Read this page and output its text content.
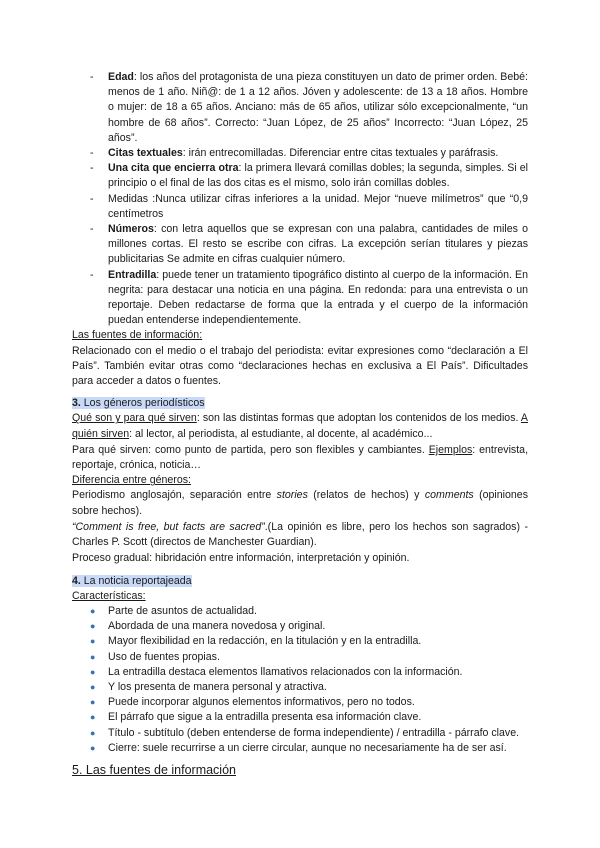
- Edad: los años del protagonista de una pieza constituyen un dato de primer orden. Bebé: menos de 1 año. Niñ@: de 1 a 12 años. Jóven y adolescente: de 13 a 18 años. Hombre o mujer: de 18 a 65 años. Anciano: más de 65 años, utilizar sólo excepcionalmente, “un hombre de 68 años”. Correcto: “Juan López, de 25 años” Incorrecto: “Juan López, 25 años”.
- Citas textuales: irán entrecomilladas. Diferenciar entre citas textuales y paráfrasis.
- Una cita que encierra otra: la primera llevará comillas dobles; la segunda, simples. Si el principio o el final de las dos citas es el mismo, solo irán comillas dobles.
- Medidas :Nunca utilizar cifras inferiores a la unidad. Mejor “nueve milímetros” que “0,9 centímetros
- Números: con letra aquellos que se expresan con una palabra, cantidades de miles o millones cortas. El resto se escribe con cifras. La excepción serían titulares y piezas publicitarias Se admite en cifras cualquier número.
- Entradilla: puede tener un tratamiento tipográfico distinto al cuerpo de la información. En negrita: para destacar una noticia en una página. En redonda: para una entrevista o un reportaje. Deben redactarse de forma que la entrada y el cuerpo de la información puedan entenderse independientemente.
Las fuentes de información:

Relacionado con el medio o el trabajo del periodista: evitar expresiones como “declaración a El País”. También evitar otras como “declaraciones hechas en exclusiva a El País”. Dificultades para acceder a datos o fuentes.

3. Los géneros periodísticos

Qué son y para qué sirven: son las distintas formas que adoptan los contenidos de los medios. A quién sirven: al lector, al periodista, al estudiante, al docente, al académico...

Para qué sirven: como punto de partida, pero son flexibles y cambiantes. Ejemplos: entrevista, reportaje, crónica, noticia…

Diferencia entre géneros:

Periodismo anglosajón, separación entre stories (relatos de hechos) y comments (opiniones sobre hechos).

“Comment is free, but facts are sacred”.(La opinión es libre, pero los hechos son sagrados) - Charles P. Scott (directos de Manchester Guardian).

Proceso gradual: hibridación entre información, interpretación y opinión.

4. La noticia reportajeada
Características:
● Parte de asuntos de actualidad.
● Abordada de una manera novedosa y original.
● Mayor flexibilidad en la redacción, en la titulación y en la entradilla.
● Uso de fuentes propias.
● La entradilla destaca elementos llamativos relacionados con la información.
● Y los presenta de manera personal y atractiva.
● Puede incorporar algunos elementos informativos, pero no todos.
● El párrafo que sigue a la entradilla presenta esa información clave.
● Título - subtítulo (deben entenderse de forma independiente) / entradilla - párrafo clave.
● Cierre: suele recurrirse a un cierre circular, aunque no necesariamente ha de ser así.
5. Las fuentes de información
